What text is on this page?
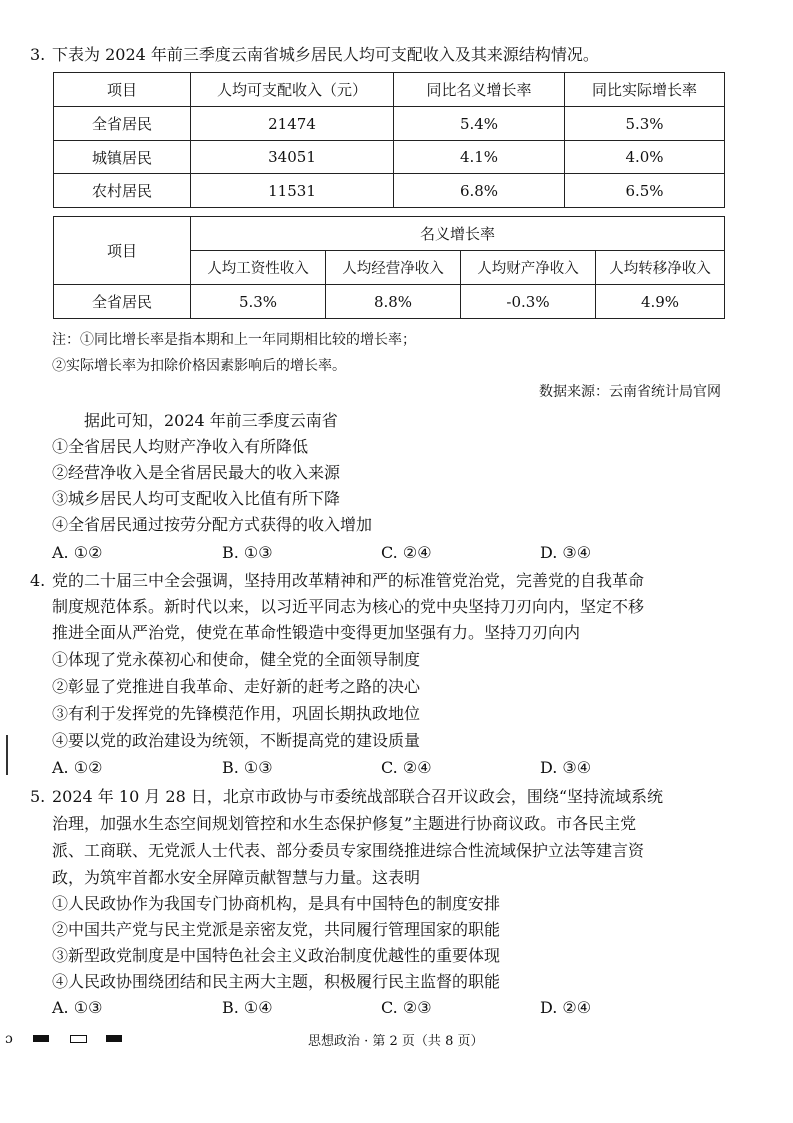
3. 下表为 2024 年前三季度云南省城乡居民人均可支配收入及其来源结构情况。
项目	人均可支配收入（元）	同比名义增长率	同比实际增长率
全省居民	21474	5.4%	5.3%
城镇居民	34051	4.1%	4.0%
农村居民	11531	6.8%	6.5%
项目	名义增长率			
	人均工资性收入	人均经营净收入	人均财产净收入	人均转移净收入
全省居民	5.3%	8.8%	-0.3%	4.9%
注：①同比增长率是指本期和上一年同期相比较的增长率；
②实际增长率为扣除价格因素影响后的增长率。
数据来源：云南省统计局官网
据此可知，2024 年前三季度云南省
①全省居民人均财产净收入有所降低
②经营净收入是全省居民最大的收入来源
③城乡居民人均可支配收入比值有所下降
④全省居民通过按劳分配方式获得的收入增加
A. ①②	B. ①③	C. ②④	D. ③④
4. 党的二十届三中全会强调，坚持用改革精神和严的标准管党治党，完善党的自我革命
制度规范体系。新时代以来，以习近平同志为核心的党中央坚持刀刃向内，坚定不移
推进全面从严治党，使党在革命性锻造中变得更加坚强有力。坚持刀刃向内
①体现了党永葆初心和使命，健全党的全面领导制度
②彰显了党推进自我革命、走好新的赶考之路的决心
③有利于发挥党的先锋模范作用，巩固长期执政地位
④要以党的政治建设为统领，不断提高党的建设质量
A. ①②	B. ①③	C. ②④	D. ③④
5. 2024 年 10 月 28 日，北京市政协与市委统战部联合召开议政会，围绕“坚持流域系统
治理，加强水生态空间规划管控和水生态保护修复”主题进行协商议政。市各民主党
派、工商联、无党派人士代表、部分委员专家围绕推进综合性流域保护立法等建言资
政，为筑牢首都水安全屏障贡献智慧与力量。这表明
①人民政协作为我国专门协商机构，是具有中国特色的制度安排
②中国共产党与民主党派是亲密友党，共同履行管理国家的职能
③新型政党制度是中国特色社会主义政治制度优越性的重要体现
④人民政协围绕团结和民主两大主题，积极履行民主监督的职能
A. ①③	B. ①④	C. ②③	D. ②④
ɔ	思想政治 · 第 2 页（共 8 页）
